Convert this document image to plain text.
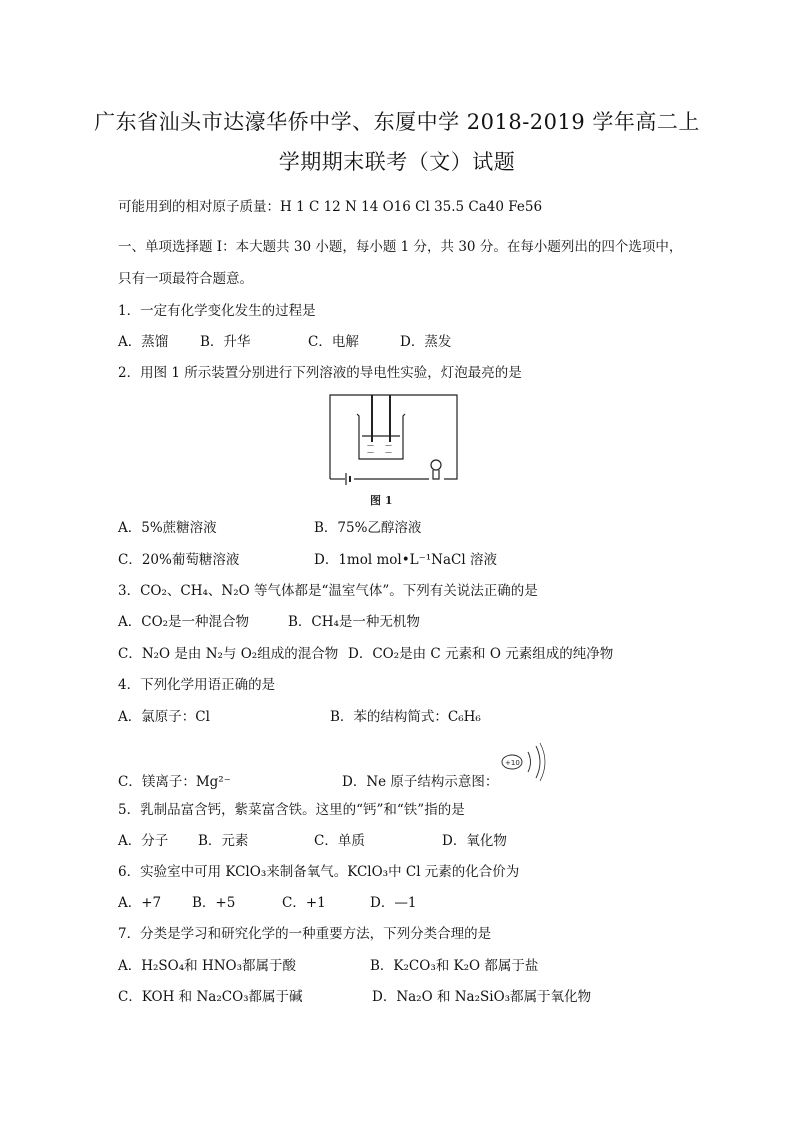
广东省汕头市达濠华侨中学、东厦中学 2018-2019 学年高二上
学期期末联考（文）试题
可能用到的相对原子质量：H 1 C 12 N 14 O16 Cl 35.5 Ca40 Fe56
一、单项选择题 I：本大题共 30 小题，每小题 1 分，共 30 分。在每小题列出的四个选项中，
只有一项最符合题意。
1．一定有化学变化发生的过程是
A．蒸馏 B．升华	C．电解	D．蒸发
2．用图 1 所示装置分别进行下列溶液的导电性实验，灯泡最亮的是
— —
— —
图 1
A．5%蔗糖溶液	B．75%乙醇溶液
C．20%葡萄糖溶液	D．1mol mol•L⁻¹NaCl 溶液
3．CO₂、CH₄、N₂O 等气体都是“温室气体”。下列有关说法正确的是
A．CO₂是一种混合物	B．CH₄是一种无机物
C．N₂O 是由 N₂与 O₂组成的混合物 D．CO₂是由 C 元素和 O 元素组成的纯净物
4．下列化学用语正确的是
A．氯原子：Cl	B．苯的结构简式：C₆H₆
C．镁离子：Mg²⁻	D．Ne 原子结构示意图：
+10
5．乳制品富含钙，紫菜富含铁。这里的“钙”和“铁”指的是
A．分子 B．元素	C．单质	D．氧化物
6．实验室中可用 KClO₃来制备氧气。KClO₃中 Cl 元素的化合价为
A．+7 B．+5	C．+1	D．—1
7．分类是学习和研究化学的一种重要方法，下列分类合理的是
A．H₂SO₄和 HNO₃都属于酸	B．K₂CO₃和 K₂O 都属于盐
C．KOH 和 Na₂CO₃都属于碱	D．Na₂O 和 Na₂SiO₃都属于氧化物
